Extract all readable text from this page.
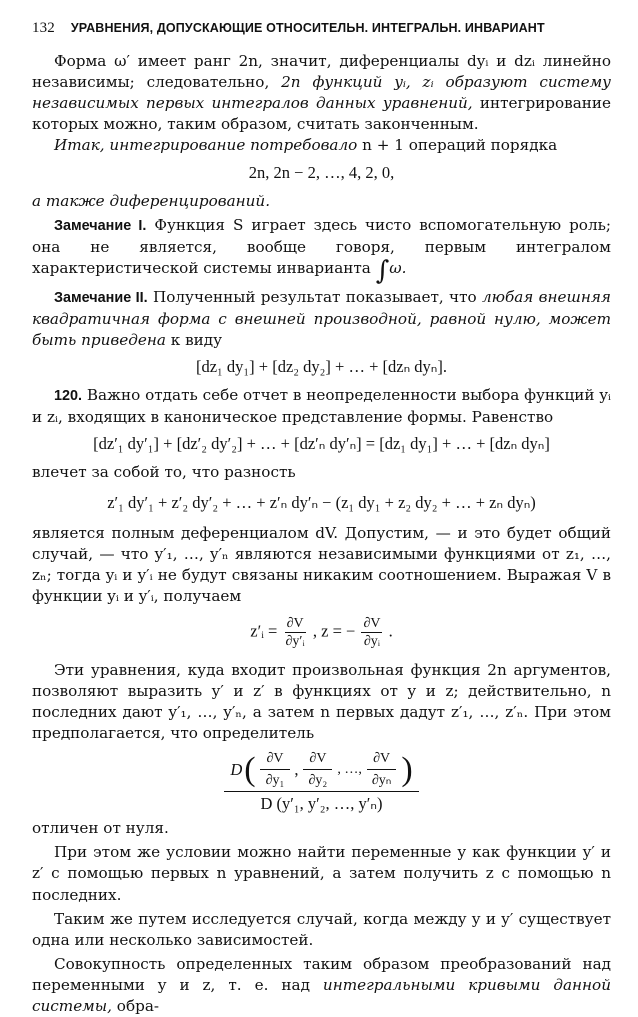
132 УРАВНЕНИЯ, ДОПУСКАЮЩИЕ ОТНОСИТЕЛЬН. ИНТЕГРАЛЬН. ИНВАРИАНТ

Форма ω′ имеет ранг 2n, значит, диференциалы dyᵢ и dzᵢ линейно независимы; следовательно, 2n функций yᵢ, zᵢ образуют систему независимых первых интегралов данных уравнений, интегрирование которых можно, таким образом, считать законченным.

Итак, интегрирование потребовало n + 1 операций порядка

2n, 2n − 2, …, 4, 2, 0,

а также диференцирований.

Замечание I. Функция S играет здесь чисто вспомогательную роль; она не является, вообще говоря, первым интегралом характеристической системы инварианта ∫ω.

Замечание II. Полученный результат показывает, что любая внешняя квадратичная форма с внешней производной, равной нулю, может быть приведена к виду

[dz₁ dy₁] + [dz₂ dy₂] + … + [dzₙ dyₙ].

120. Важно отдать себе отчет в неопределенности выбора функций yᵢ и zᵢ, входящих в каноническое представление формы. Равенство

[dz′₁ dy′₁] + [dz′₂ dy′₂] + … + [dz′ₙ dy′ₙ] = [dz₁ dy₁] + … + [dzₙ dyₙ]

влечет за собой то, что разность

z′₁ dy′₁ + z′₂ dy′₂ + … + z′ₙ dy′ₙ − (z₁ dy₁ + z₂ dy₂ + … + zₙ dyₙ)

является полным деференциалом dV. Допустим, — и это будет общий случай, — что y′₁, …, y′ₙ являются независимыми функциями от z₁, …, zₙ; тогда yᵢ и y′ᵢ не будут связаны никаким соотношением. Выражая V в функции yᵢ и y′ᵢ, получаем

z′ᵢ = $\frac{\partial V}{\text{∂y′ᵢ}}$ , z = − $\frac{\partial V}{\text{∂yᵢ}}$ .

Эти уравнения, куда входит произвольная функция 2n аргументов, позволяют выразить y′ и z′ в функциях от y и z; действительно, n последних дают y′₁, …, y′ₙ, а затем n первых дадут z′₁, …, z′ₙ. При этом предполагается, что определитель

D ( $\frac{\partial V}{\text{∂y₁}}$ , $\frac{\partial V}{\text{∂y₂}}$ , …, $\frac{\partial V}{\text{∂yₙ}}$ )
D (y′₁, y′₂, …, y′ₙ)

отличен от нуля.

При этом же условии можно найти переменные y как функции y′ и z′ с помощью первых n уравнений, а затем получить z с помощью n последних.

Таким же путем исследуется случай, когда между y и y′ существует одна или несколько зависимостей.

Совокупность определенных таким образом преобразований над переменными y и z, т. е. над интегральными кривыми данной системы, обра-
